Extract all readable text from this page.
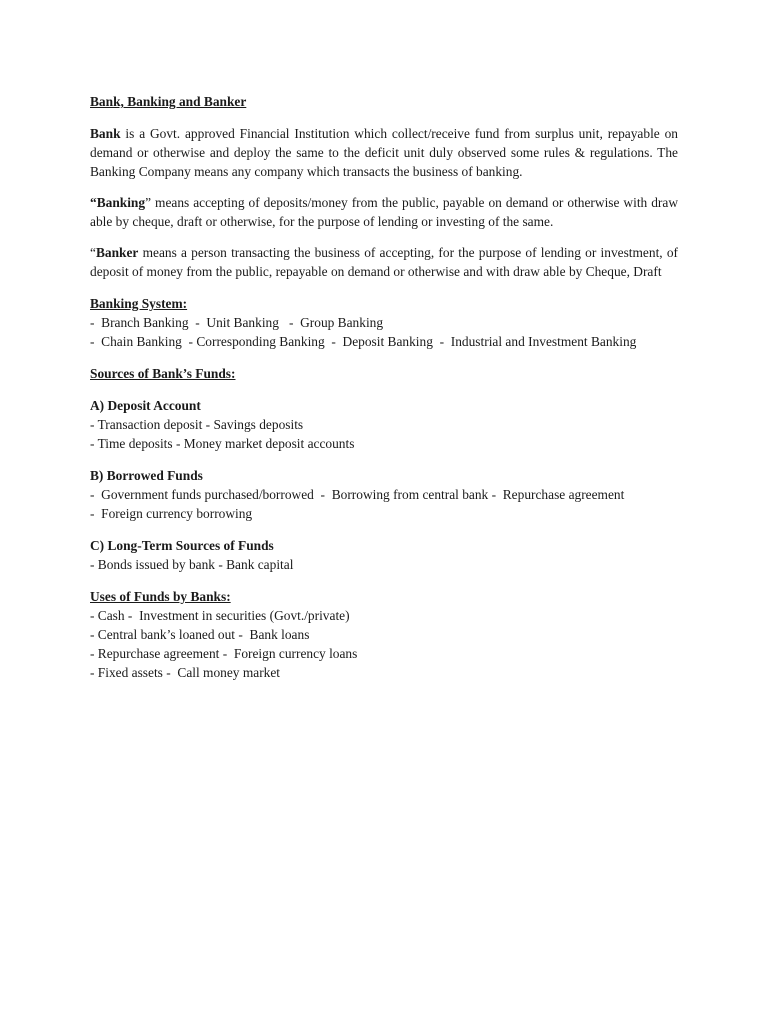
Bank, Banking and Banker

Bank is a Govt. approved Financial Institution which collect/receive fund from surplus unit, repayable on demand or otherwise and deploy the same to the deficit unit duly observed some rules & regulations. The Banking Company means any company which transacts the business of banking.

“Banking” means accepting of deposits/money from the public, payable on demand or otherwise with draw able by cheque, draft or otherwise, for the purpose of lending or investing of the same.

“Banker means a person transacting the business of accepting, for the purpose of lending or investment, of deposit of money from the public, repayable on demand or otherwise and with draw able by Cheque, Draft

Banking System:

-  Branch Banking  -  Unit Banking   -  Group Banking

-  Chain Banking  - Corresponding Banking  -  Deposit Banking  -  Industrial and Investment Banking

Sources of Bank’s Funds:

A) Deposit Account

- Transaction deposit - Savings deposits

- Time deposits - Money market deposit accounts

B) Borrowed Funds

-  Government funds purchased/borrowed  -  Borrowing from central bank -  Repurchase agreement

-  Foreign currency borrowing

C) Long-Term Sources of Funds

- Bonds issued by bank - Bank capital

Uses of Funds by Banks:

- Cash -  Investment in securities (Govt./private)

- Central bank’s loaned out -  Bank loans

- Repurchase agreement -  Foreign currency loans

- Fixed assets -  Call money market
